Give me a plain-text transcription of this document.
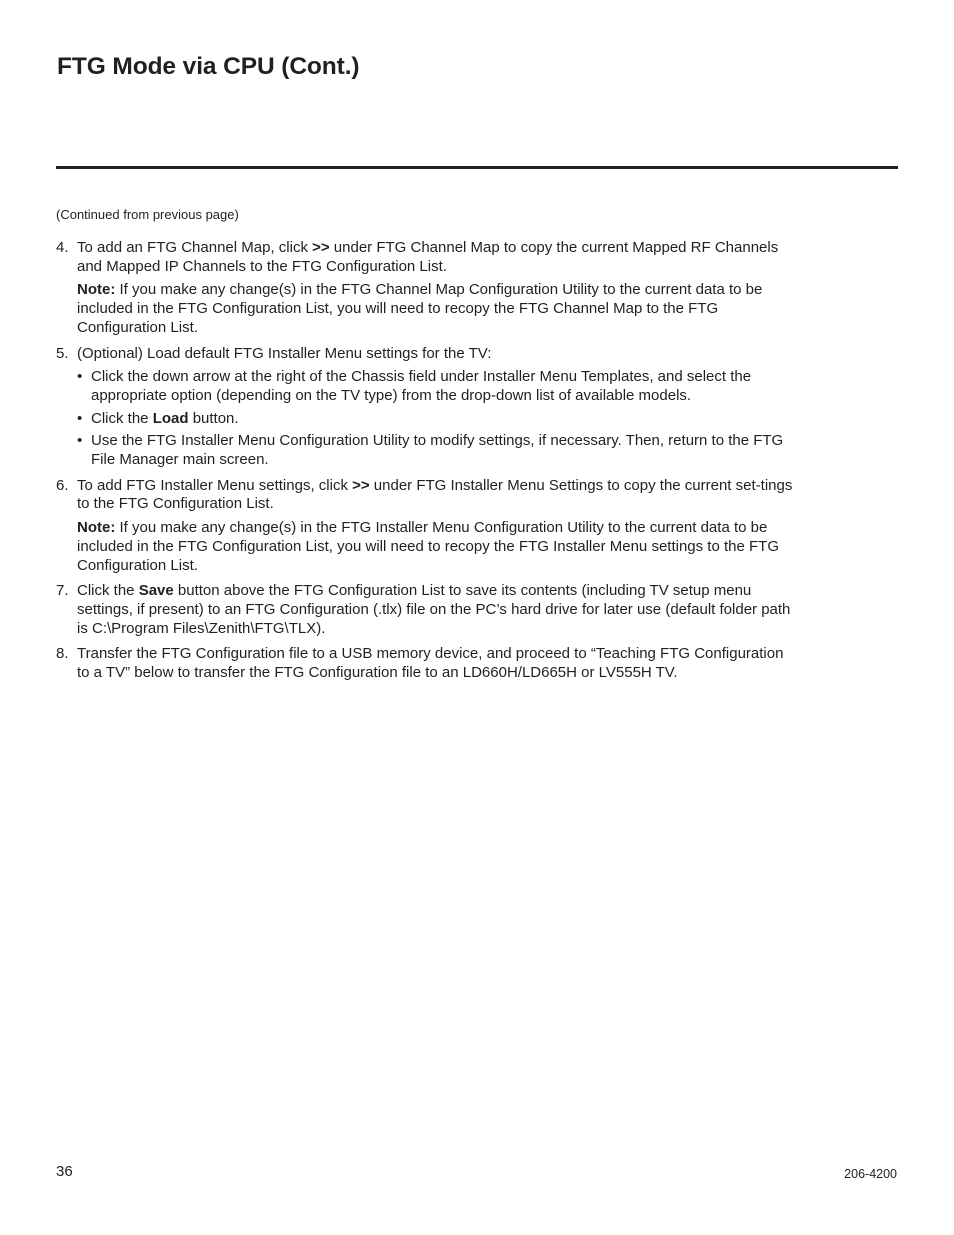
FTG Mode via CPU (Cont.)
(Continued from previous page)
4. To add an FTG Channel Map, click >> under FTG Channel Map to copy the current Mapped RF Channels and Mapped IP Channels to the FTG Configuration List.

Note: If you make any change(s) in the FTG Channel Map Configuration Utility to the current data to be included in the FTG Configuration List, you will need to recopy the FTG Channel Map to the FTG Configuration List.

5. (Optional) Load default FTG Installer Menu settings for the TV:

• Click the down arrow at the right of the Chassis field under Installer Menu Templates, and select the appropriate option (depending on the TV type) from the drop-down list of available models.
• Click the Load button.
• Use the FTG Installer Menu Configuration Utility to modify settings, if necessary. Then, return to the FTG File Manager main screen.
6. To add FTG Installer Menu settings, click >> under FTG Installer Menu Settings to copy the current set-tings to the FTG Configuration List.

Note: If you make any change(s) in the FTG Installer Menu Configuration Utility to the current data to be included in the FTG Configuration List, you will need to recopy the FTG Installer Menu settings to the FTG Configuration List.

7. Click the Save button above the FTG Configuration List to save its contents (including TV setup menu settings, if present) to an FTG Configuration (.tlx) file on the PC’s hard drive for later use (default folder path is C:\Program Files\Zenith\FTG\TLX).

8. Transfer the FTG Configuration file to a USB memory device, and proceed to “Teaching FTG Configuration to a TV” below to transfer the FTG Configuration file to an LD660H/LD665H or LV555H TV.

36	206-4200
